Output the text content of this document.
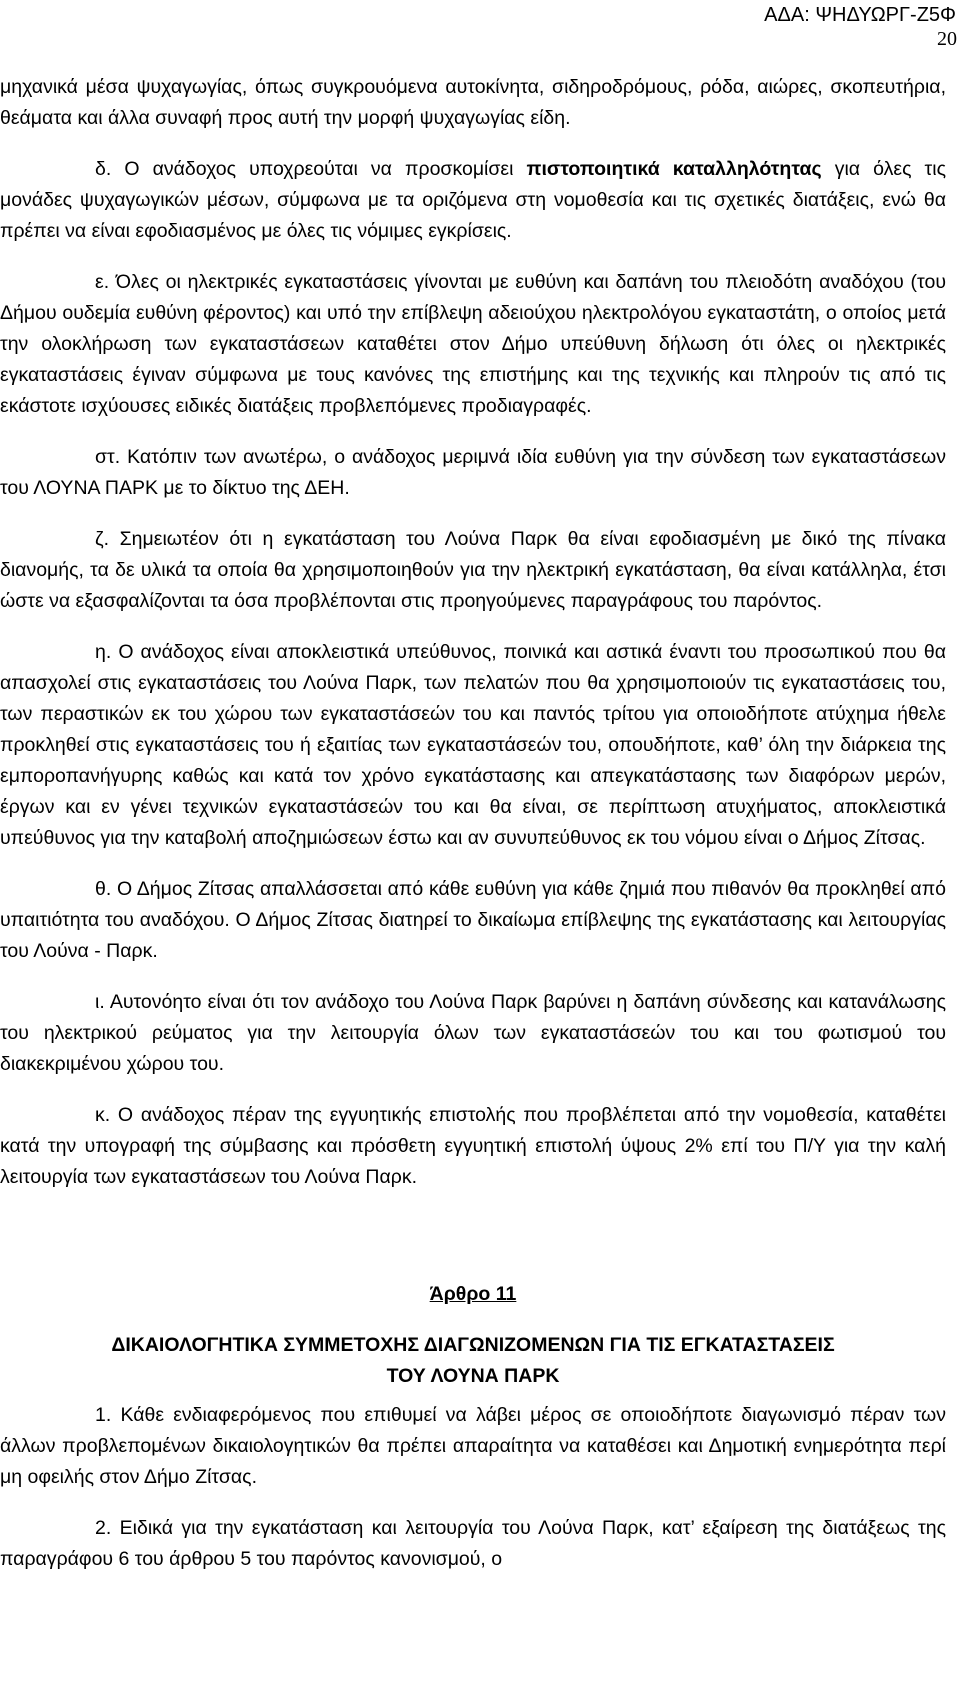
ΑΔΑ: ΨΗΔΥΩΡΓ-Ζ5Φ
20

μηχανικά μέσα ψυχαγωγίας, όπως συγκρουόμενα αυτοκίνητα, σιδηροδρόμους, ρόδα, αιώρες, σκοπευτήρια, θεάματα και άλλα συναφή προς αυτή την μορφή ψυχαγωγίας είδη.

δ. Ο ανάδοχος υποχρεούται να προσκομίσει πιστοποιητικά καταλληλότητας για όλες τις μονάδες ψυχαγωγικών μέσων, σύμφωνα με τα οριζόμενα στη νομοθεσία και τις σχετικές διατάξεις, ενώ θα πρέπει να είναι εφοδιασμένος με όλες τις νόμιμες εγκρίσεις.

ε. Όλες οι ηλεκτρικές εγκαταστάσεις γίνονται με ευθύνη και δαπάνη του πλειοδότη αναδόχου (του Δήμου ουδεμία ευθύνη φέροντος) και υπό την επίβλεψη αδειούχου ηλεκτρολόγου εγκαταστάτη, ο οποίος μετά την ολοκλήρωση των εγκαταστάσεων καταθέτει στον Δήμο υπεύθυνη δήλωση ότι όλες οι ηλεκτρικές εγκαταστάσεις έγιναν σύμφωνα με τους κανόνες της επιστήμης και της τεχνικής και πληρούν τις από τις εκάστοτε ισχύουσες ειδικές διατάξεις προβλεπόμενες προδιαγραφές.

στ. Κατόπιν των ανωτέρω, ο ανάδοχος μεριμνά ιδία ευθύνη για την σύνδεση των εγκαταστάσεων του ΛΟΥΝΑ ΠΑΡΚ με το δίκτυο της ΔΕΗ.

ζ. Σημειωτέον ότι η εγκατάσταση του Λούνα Παρκ θα είναι εφοδιασμένη με δικό της πίνακα διανομής, τα δε υλικά τα οποία θα χρησιμοποιηθούν για την ηλεκτρική εγκατάσταση, θα είναι κατάλληλα, έτσι ώστε να εξασφαλίζονται τα όσα προβλέπονται στις προηγούμενες παραγράφους του παρόντος.

η. Ο ανάδοχος είναι αποκλειστικά υπεύθυνος, ποινικά και αστικά έναντι του προσωπικού που θα απασχολεί στις εγκαταστάσεις του Λούνα Παρκ, των πελατών που θα χρησιμοποιούν τις εγκαταστάσεις του, των περαστικών εκ του χώρου των εγκαταστάσεών του και παντός τρίτου για οποιοδήποτε ατύχημα ήθελε προκληθεί στις εγκαταστάσεις του ή εξαιτίας των εγκαταστάσεών του, οπουδήποτε, καθ’ όλη την διάρκεια της εμποροπανήγυρης καθώς και κατά τον χρόνο εγκατάστασης και απεγκατάστασης των διαφόρων μερών, έργων και εν γένει τεχνικών εγκαταστάσεών του και θα είναι, σε περίπτωση ατυχήματος, αποκλειστικά υπεύθυνος για την καταβολή αποζημιώσεων έστω και αν συνυπεύθυνος εκ του νόμου είναι ο Δήμος Ζίτσας.

θ. Ο Δήμος Ζίτσας απαλλάσσεται από κάθε ευθύνη για κάθε ζημιά που πιθανόν θα προκληθεί από υπαιτιότητα του αναδόχου. Ο Δήμος Ζίτσας διατηρεί το δικαίωμα επίβλεψης της εγκατάστασης και λειτουργίας του Λούνα - Παρκ.

ι. Αυτονόητο είναι ότι τον ανάδοχο του Λούνα Παρκ βαρύνει η δαπάνη σύνδεσης και κατανάλωσης του ηλεκτρικού ρεύματος για την λειτουργία όλων των εγκαταστάσεών του και του φωτισμού του διακεκριμένου χώρου του.

κ. Ο ανάδοχος πέραν της εγγυητικής επιστολής που προβλέπεται από την νομοθεσία, καταθέτει κατά την υπογραφή της σύμβασης και πρόσθετη εγγυητική επιστολή ύψους 2% επί του Π/Υ για την καλή λειτουργία των εγκαταστάσεων του Λούνα Παρκ.

Άρθρο 11
ΔΙΚΑΙΟΛΟΓΗΤΙΚΑ ΣΥΜΜΕΤΟΧΗΣ ΔΙΑΓΩΝΙΖΟΜΕΝΩΝ ΓΙΑ ΤΙΣ ΕΓΚΑΤΑΣΤΑΣΕΙΣ
ΤΟΥ ΛΟΥΝΑ ΠΑΡΚ

1. Κάθε ενδιαφερόμενος που επιθυμεί να λάβει μέρος σε οποιοδήποτε διαγωνισμό πέραν των άλλων προβλεπομένων δικαιολογητικών θα πρέπει απαραίτητα να καταθέσει και Δημοτική ενημερότητα περί μη οφειλής στον Δήμο Ζίτσας.

2. Ειδικά για την εγκατάσταση και λειτουργία του Λούνα Παρκ, κατ’ εξαίρεση της διατάξεως της παραγράφου 6 του άρθρου 5 του παρόντος κανονισμού, ο
